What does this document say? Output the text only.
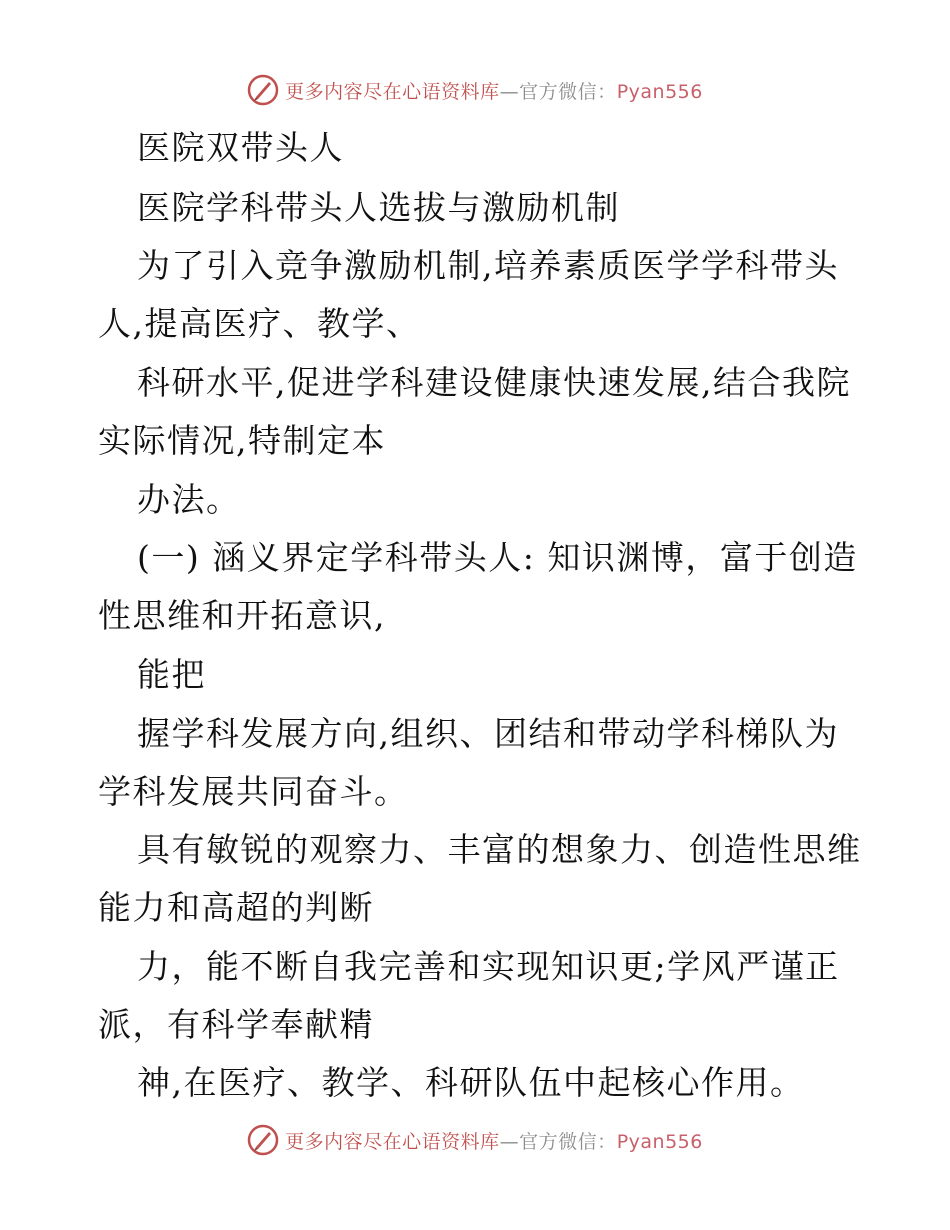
更多内容尽在心语资料库—官方微信：Pyan556
医院双带头人
医院学科带头人选拔与激励机制
为了引入竞争激励机制,培养素质医学学科带头
人,提高医疗、教学、
科研水平,促进学科建设健康快速发展,结合我院
实际情况,特制定本
办法。
(一) 涵义界定学科带头人: 知识渊博，富于创造
性思维和开拓意识,
能把
握学科发展方向,组织、团结和带动学科梯队为
学科发展共同奋斗。
具有敏锐的观察力、丰富的想象力、创造性思维
能力和高超的判断
力，能不断自我完善和实现知识更;学风严谨正
派，有科学奉献精
神,在医疗、教学、科研队伍中起核心作用。
更多内容尽在心语资料库—官方微信：Pyan556
